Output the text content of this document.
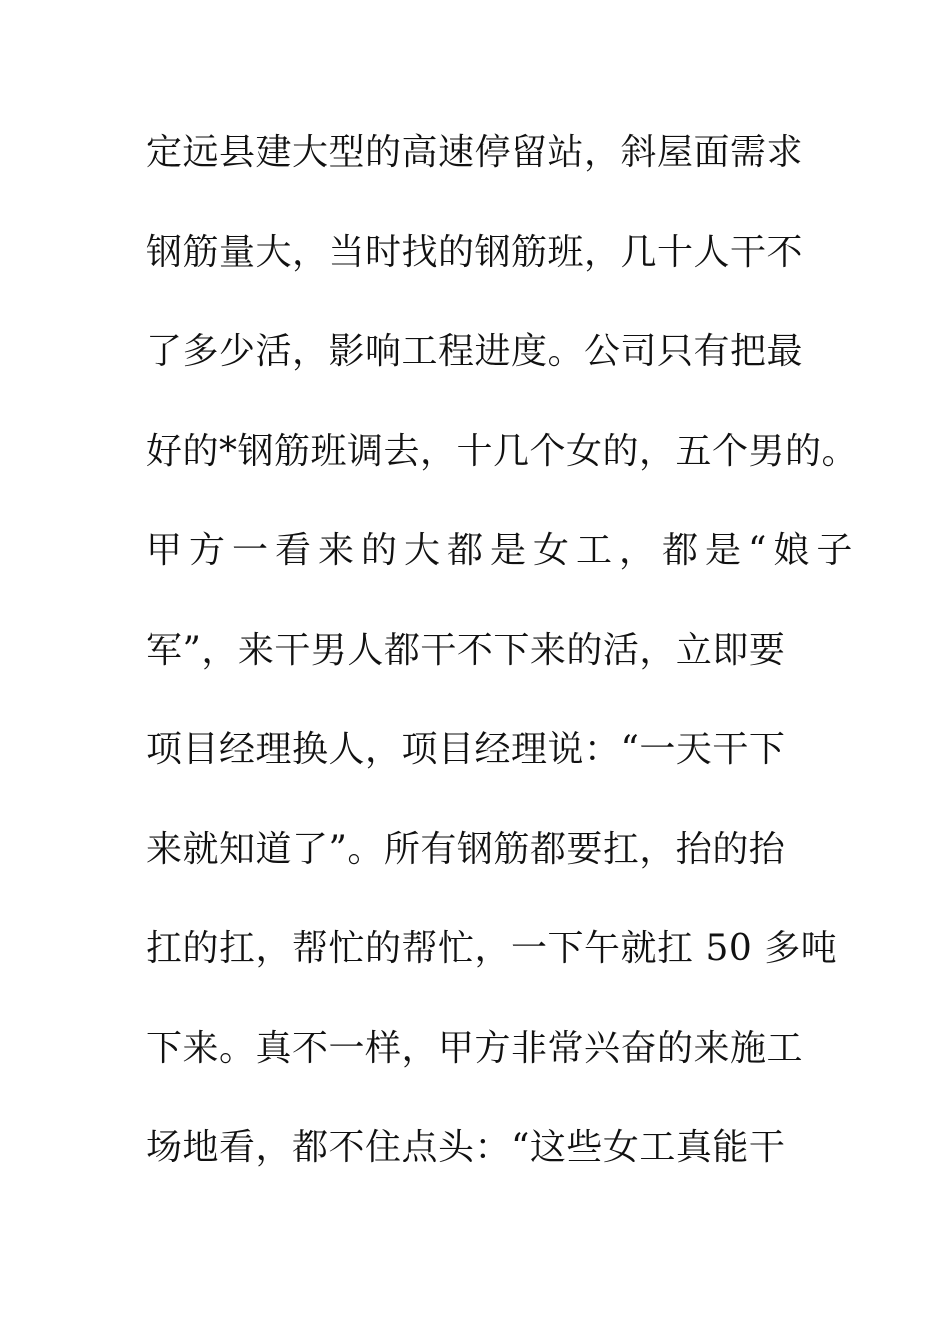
定远县建大型的高速停留站，斜屋面需求
钢筋量大，当时找的钢筋班，几十人干不
了多少活，影响工程进度。公司只有把最
好的*钢筋班调去，十几个女的，五个男的。
甲方一看来的大都是女工，都是“娘子
军”，来干男人都干不下来的活，立即要
项目经理换人，项目经理说：“一天干下
来就知道了”。所有钢筋都要扛，抬的抬
扛的扛，帮忙的帮忙，一下午就扛 50 多吨
下来。真不一样，甲方非常兴奋的来施工
场地看，都不住点头：“这些女工真能干
